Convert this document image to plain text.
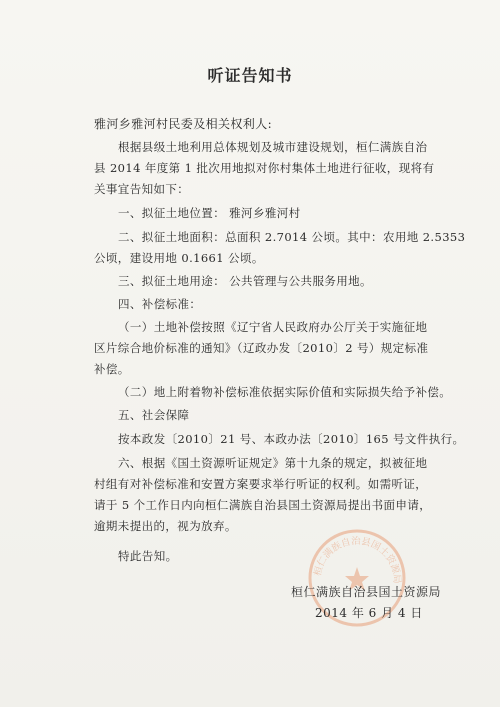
听证告知书
雅河乡雅河村民委及相关权利人:
根据县级土地利用总体规划及城市建设规划，桓仁满族自治
县 2014 年度第 1 批次用地拟对你村集体土地进行征收，现将有
关事宜告知如下：
一、拟征土地位置： 雅河乡雅河村
二、拟征土地面积：总面积 2.7014 公顷。其中：农用地 2.5353
公顷，建设用地 0.1661 公顷。
三、拟征土地用途： 公共管理与公共服务用地。
四、补偿标准：
（一）土地补偿按照《辽宁省人民政府办公厅关于实施征地
区片综合地价标准的通知》（辽政办发〔2010〕2 号）规定标准
补偿。
（二）地上附着物补偿标准依据实际价值和实际损失给予补偿。
五、社会保障
按本政发〔2010〕21 号、本政办法〔2010〕165 号文件执行。
六、根据《国土资源听证规定》第十九条的规定，拟被征地
村组有对补偿标准和安置方案要求举行听证的权利。如需听证，
请于 5 个工作日内向桓仁满族自治县国土资源局提出书面申请，
逾期未提出的，视为放弃。
特此告知。
桓仁满族自治县国土资源局
桓仁满族自治县国土资源局
2014 年 6 月 4 日
